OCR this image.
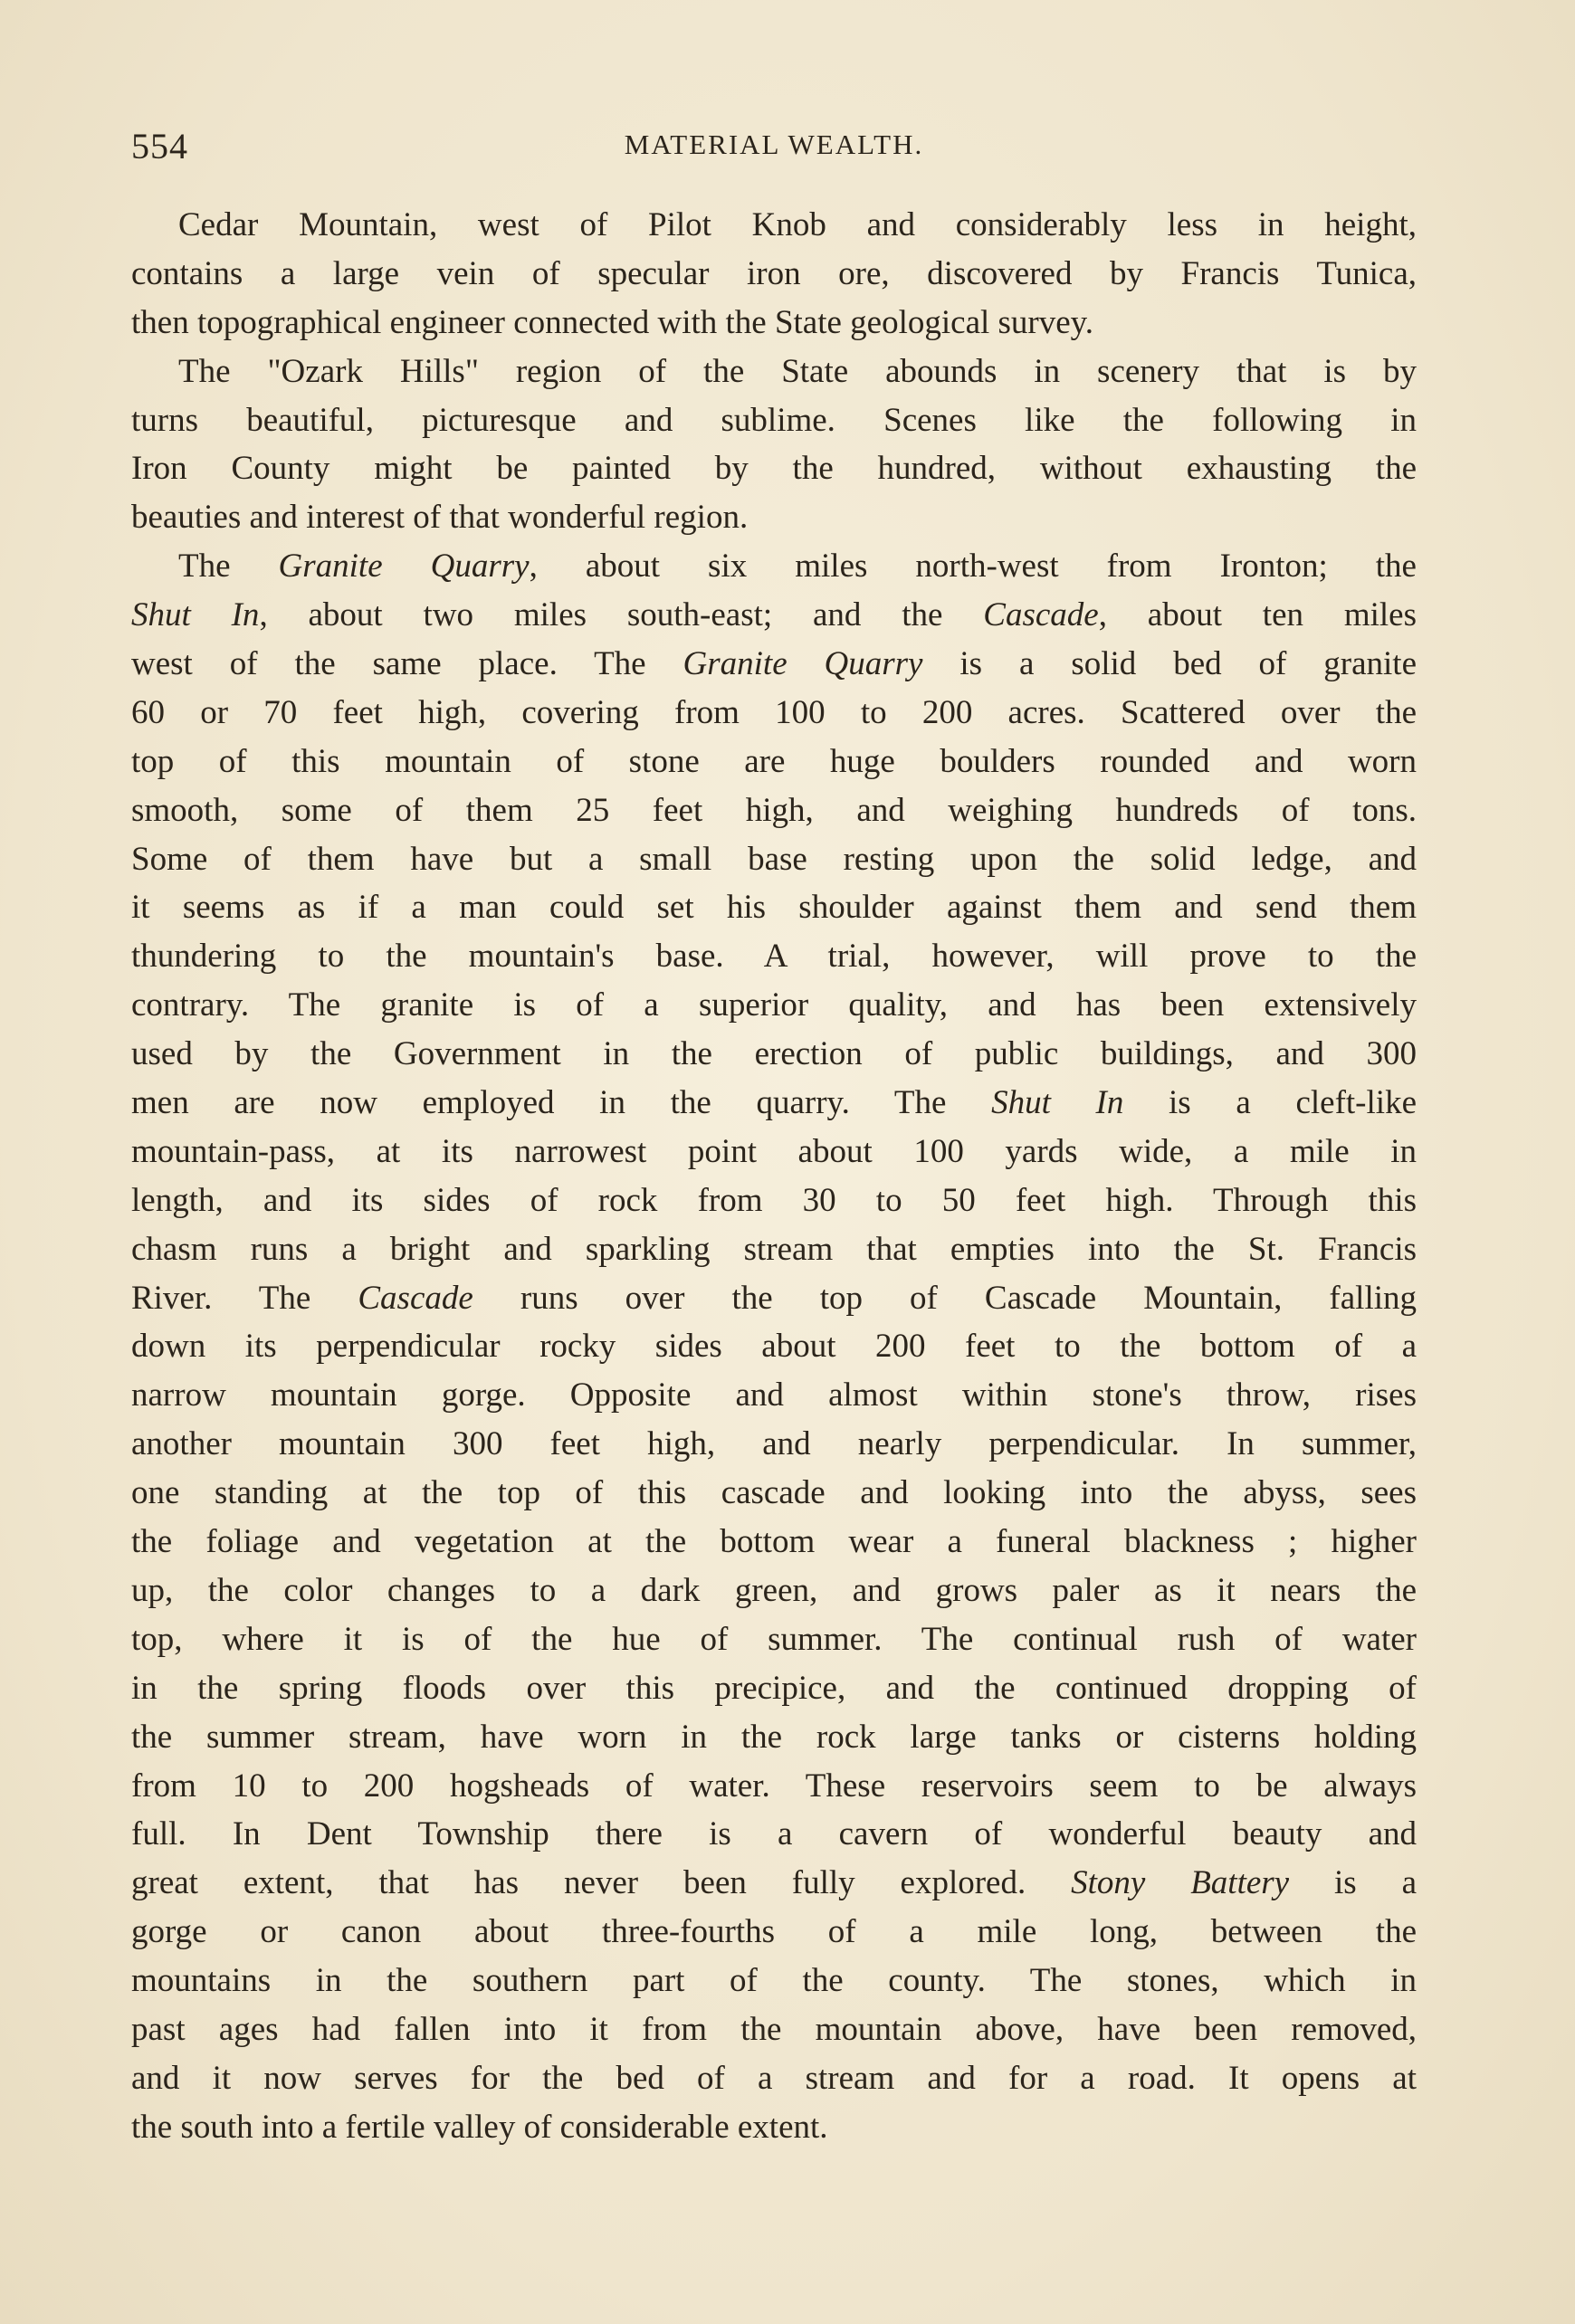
554	MATERIAL WEALTH.
Cedar Mountain, west of Pilot Knob and considerably less in height,
contains a large vein of specular iron ore, discovered by Francis Tunica,
then topographical engineer connected with the State geological survey.
The "Ozark Hills" region of the State abounds in scenery that is by
turns beautiful, picturesque and sublime. Scenes like the following in
Iron County might be painted by the hundred, without exhausting the
beauties and interest of that wonderful region.
The Granite Quarry, about six miles north-west from Ironton; the
Shut In, about two miles south-east; and the Cascade, about ten miles
west of the same place. The Granite Quarry is a solid bed of granite
60 or 70 feet high, covering from 100 to 200 acres. Scattered over the
top of this mountain of stone are huge boulders rounded and worn
smooth, some of them 25 feet high, and weighing hundreds of tons.
Some of them have but a small base resting upon the solid ledge, and
it seems as if a man could set his shoulder against them and send them
thundering to the mountain's base. A trial, however, will prove to the
contrary. The granite is of a superior quality, and has been extensively
used by the Government in the erection of public buildings, and 300
men are now employed in the quarry. The Shut In is a cleft-like
mountain-pass, at its narrowest point about 100 yards wide, a mile in
length, and its sides of rock from 30 to 50 feet high. Through this
chasm runs a bright and sparkling stream that empties into the St. Francis
River. The Cascade runs over the top of Cascade Mountain, falling
down its perpendicular rocky sides about 200 feet to the bottom of a
narrow mountain gorge. Opposite and almost within stone's throw, rises
another mountain 300 feet high, and nearly perpendicular. In summer,
one standing at the top of this cascade and looking into the abyss, sees
the foliage and vegetation at the bottom wear a funeral blackness ; higher
up, the color changes to a dark green, and grows paler as it nears the
top, where it is of the hue of summer. The continual rush of water
in the spring floods over this precipice, and the continued dropping of
the summer stream, have worn in the rock large tanks or cisterns holding
from 10 to 200 hogsheads of water. These reservoirs seem to be always
full. In Dent Township there is a cavern of wonderful beauty and
great extent, that has never been fully explored. Stony Battery is a
gorge or canon about three-fourths of a mile long, between the
mountains in the southern part of the county. The stones, which in
past ages had fallen into it from the mountain above, have been removed,
and it now serves for the bed of a stream and for a road. It opens at
the south into a fertile valley of considerable extent.
